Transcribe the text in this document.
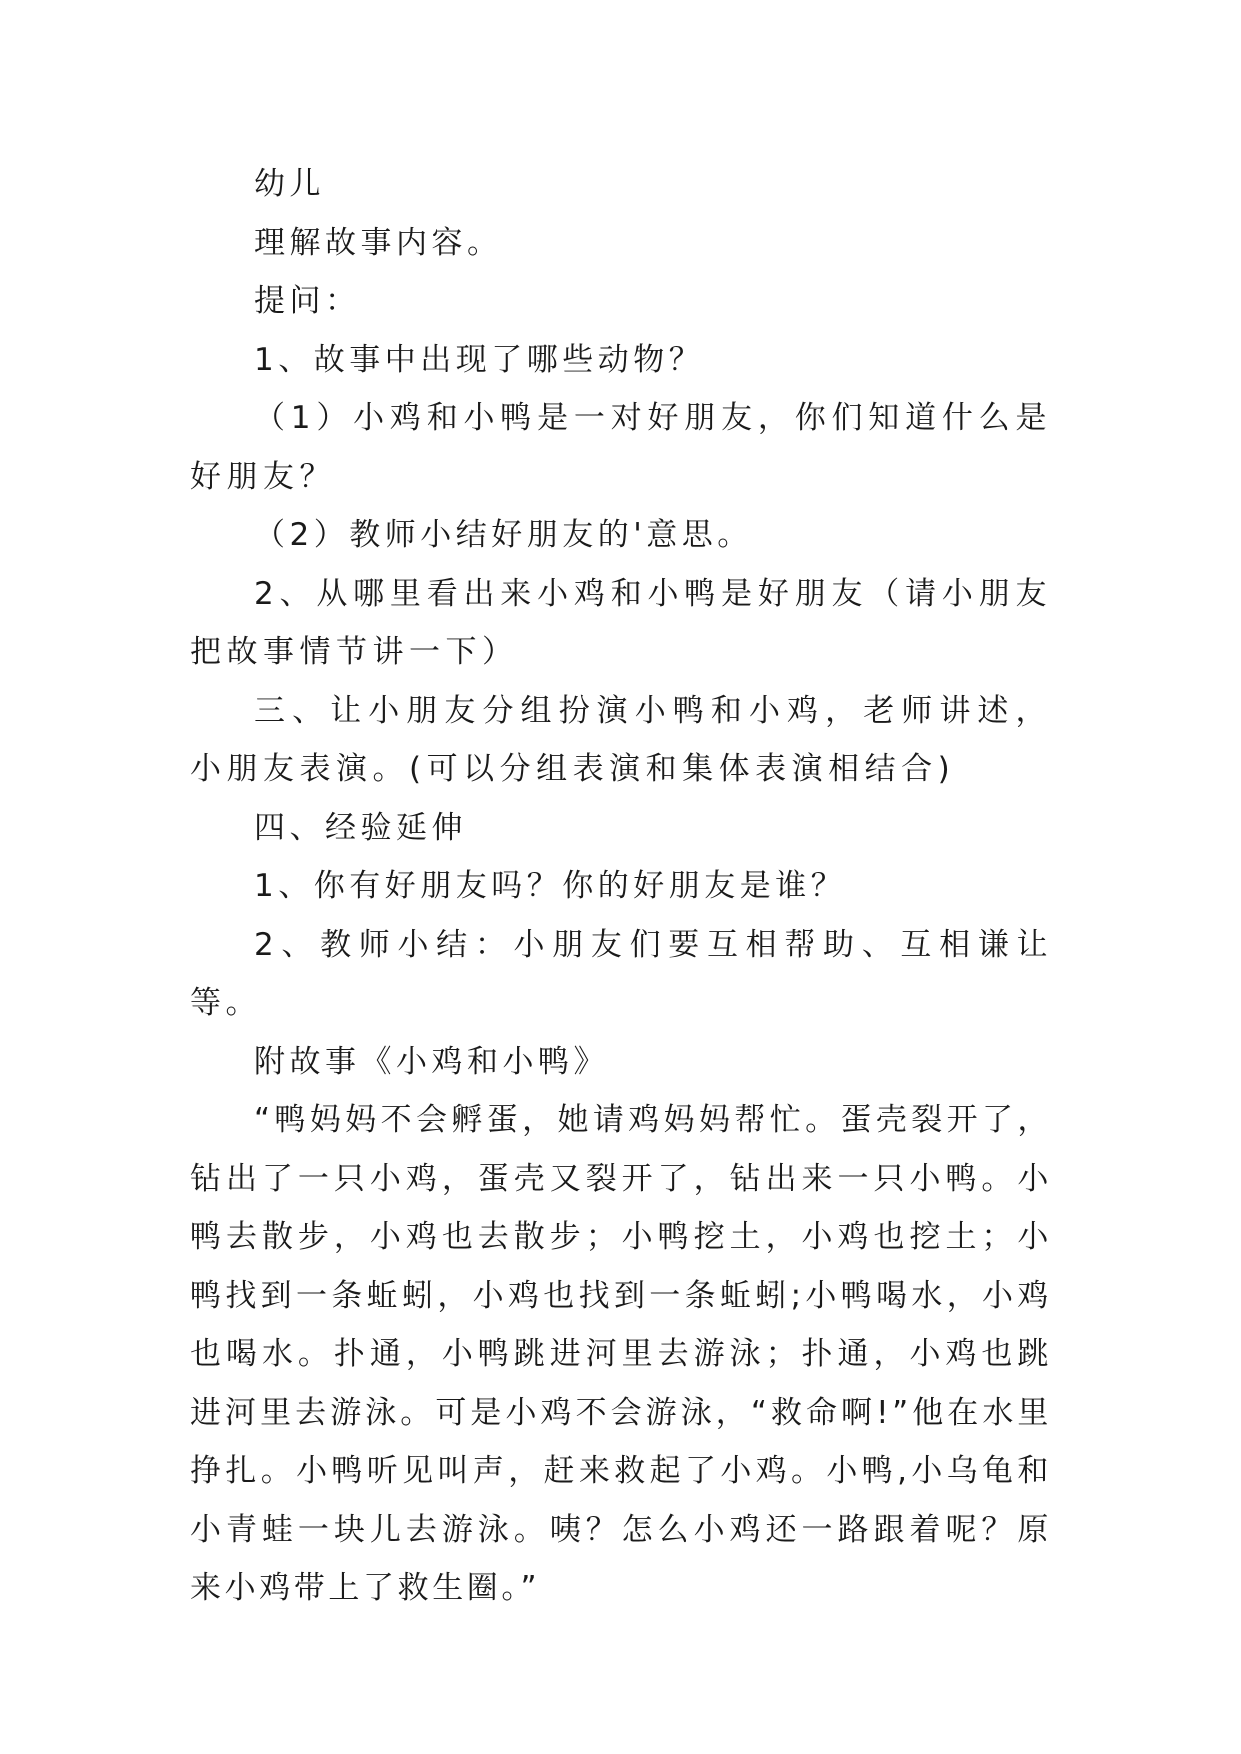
幼儿

理解故事内容。

提问：

1、故事中出现了哪些动物？

（1）小鸡和小鸭是一对好朋友，你们知道什么是好朋友？

（2）教师小结好朋友的'意思。

2、从哪里看出来小鸡和小鸭是好朋友（请小朋友把故事情节讲一下）

三、让小朋友分组扮演小鸭和小鸡，老师讲述，小朋友表演。(可以分组表演和集体表演相结合)

四、经验延伸

1、你有好朋友吗？你的好朋友是谁？

2、教师小结：小朋友们要互相帮助、互相谦让等。

附故事《小鸡和小鸭》

“鸭妈妈不会孵蛋，她请鸡妈妈帮忙。蛋壳裂开了，钻出了一只小鸡，蛋壳又裂开了，钻出来一只小鸭。小鸭去散步，小鸡也去散步；小鸭挖土，小鸡也挖土；小鸭找到一条蚯蚓，小鸡也找到一条蚯蚓;小鸭喝水，小鸡也喝水。扑通，小鸭跳进河里去游泳；扑通，小鸡也跳进河里去游泳。可是小鸡不会游泳，“救命啊!”他在水里挣扎。小鸭听见叫声，赶来救起了小鸡。小鸭,小乌龟和小青蛙一块儿去游泳。咦？怎么小鸡还一路跟着呢？原来小鸡带上了救生圈。”
